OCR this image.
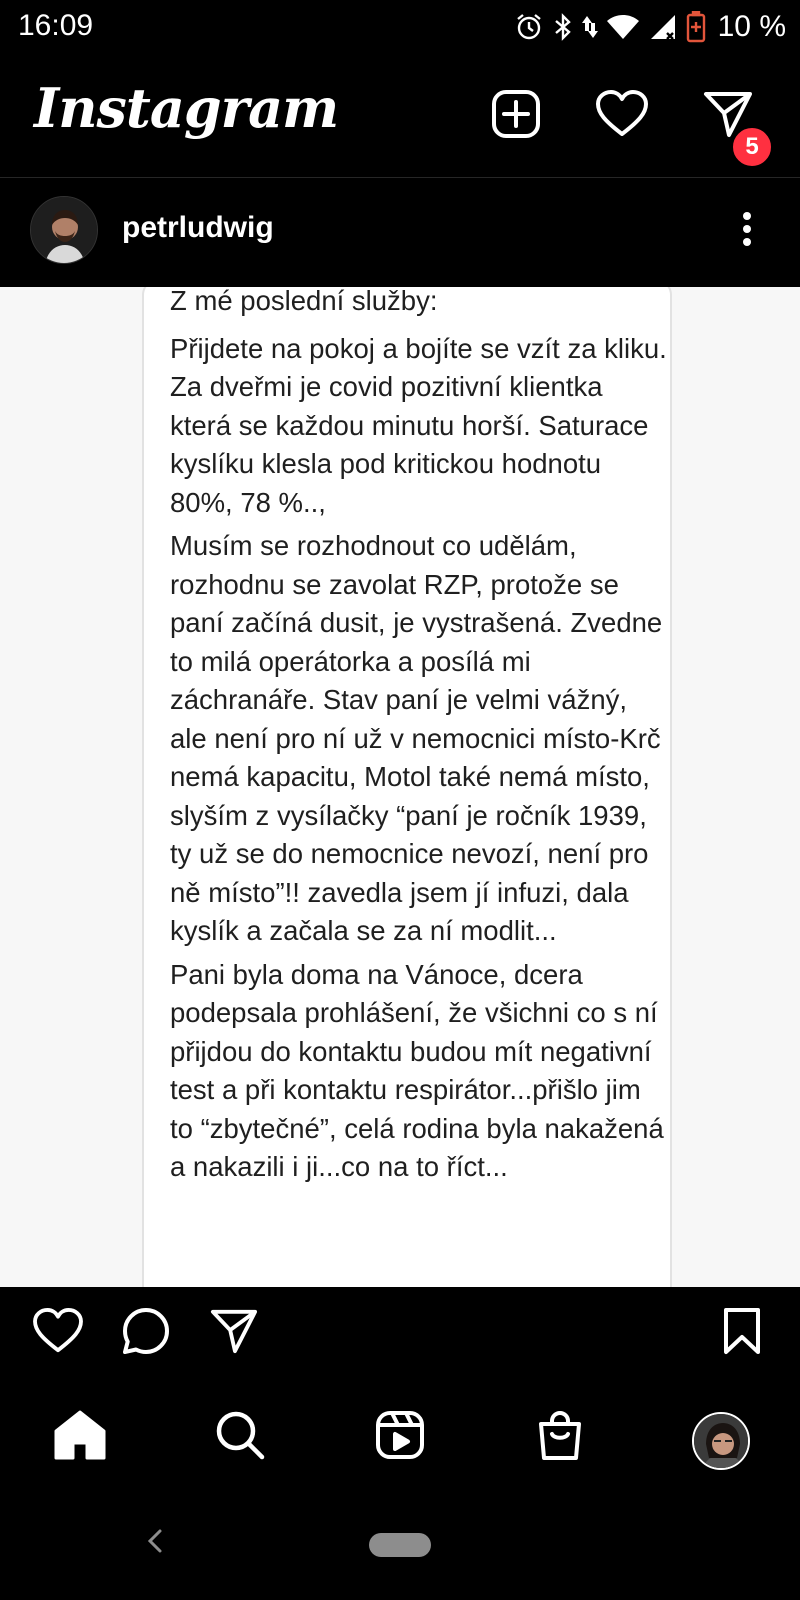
16:09	10 %
Instagram
5
petrludwig

Z mé poslední služby:

Přijdete na pokoj a bojíte se vzít za kliku. Za dveřmi je covid pozitivní klientka která se každou minutu horší. Saturace kyslíku klesla pod kritickou hodnotu 80%, 78 %..,

Musím se rozhodnout co udělám, rozhodnu se zavolat RZP, protože se paní začíná dusit, je vystrašená. Zvedne to milá operátorka a posílá mi záchranáře. Stav paní je velmi vážný, ale není pro ní už v nemocnici místo-Krč nemá kapacitu, Motol také nemá místo, slyším z vysílačky “paní je ročník 1939, ty už se do nemocnice nevozí, není pro ně místo”!! zavedla jsem jí infuzi, dala kyslík a začala se za ní modlit...

Pani byla doma na Vánoce, dcera podepsala prohlášení, že všichni co s ní přijdou do kontaktu budou mít negativní test a při kontaktu respirátor...přišlo jim to “zbytečné”, celá rodina byla nakažená a nakazili i ji...co na to říct...
